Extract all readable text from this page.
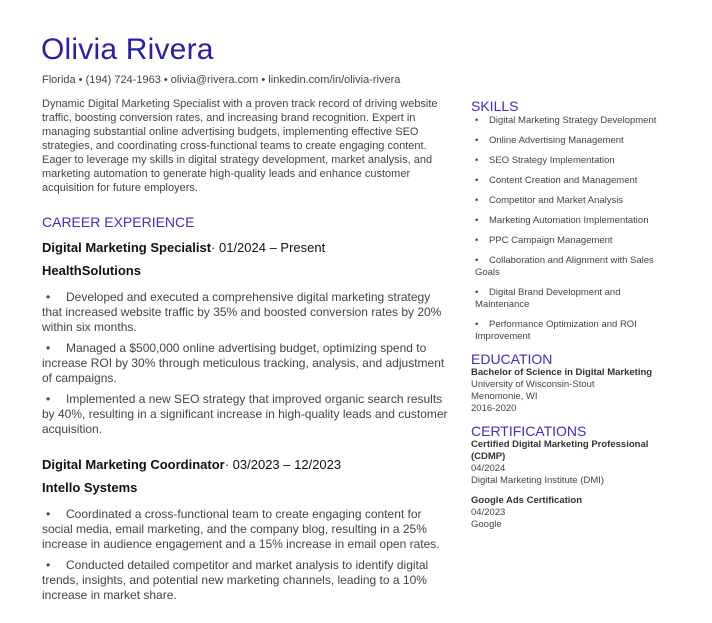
Olivia Rivera
Florida • (194) 724-1963 • olivia@rivera.com • linkedin.com/in/olivia-rivera
Dynamic Digital Marketing Specialist with a proven track record of driving website traffic, boosting conversion rates, and increasing brand recognition. Expert in managing substantial online advertising budgets, implementing effective SEO strategies, and coordinating cross-functional teams to create engaging content. Eager to leverage my skills in digital strategy development, market analysis, and marketing automation to generate high-quality leads and enhance customer acquisition for future employers.
CAREER EXPERIENCE
Digital Marketing Specialist· 01/2024 – Present
HealthSolutions
• Developed and executed a comprehensive digital marketing strategy that increased website traffic by 35% and boosted conversion rates by 20% within six months.
• Managed a $500,000 online advertising budget, optimizing spend to increase ROI by 30% through meticulous tracking, analysis, and adjustment of campaigns.
• Implemented a new SEO strategy that improved organic search results by 40%, resulting in a significant increase in high-quality leads and customer acquisition.
Digital Marketing Coordinator· 03/2023 – 12/2023
Intello Systems
• Coordinated a cross-functional team to create engaging content for social media, email marketing, and the company blog, resulting in a 25% increase in audience engagement and a 15% increase in email open rates.
• Conducted detailed competitor and market analysis to identify digital trends, insights, and potential new marketing channels, leading to a 10% increase in market share.
SKILLS
• Digital Marketing Strategy Development
• Online Advertising Management
• SEO Strategy Implementation
• Content Creation and Management
• Competitor and Market Analysis
• Marketing Automation Implementation
• PPC Campaign Management
• Collaboration and Alignment with Sales Goals
• Digital Brand Development and Maintenance
• Performance Optimization and ROI Improvement
EDUCATION
Bachelor of Science in Digital Marketing
University of Wisconsin-Stout
Menomonie, WI
2016-2020
CERTIFICATIONS
Certified Digital Marketing Professional (CDMP)
04/2024
Digital Marketing Institute (DMI)
Google Ads Certification
04/2023
Google
